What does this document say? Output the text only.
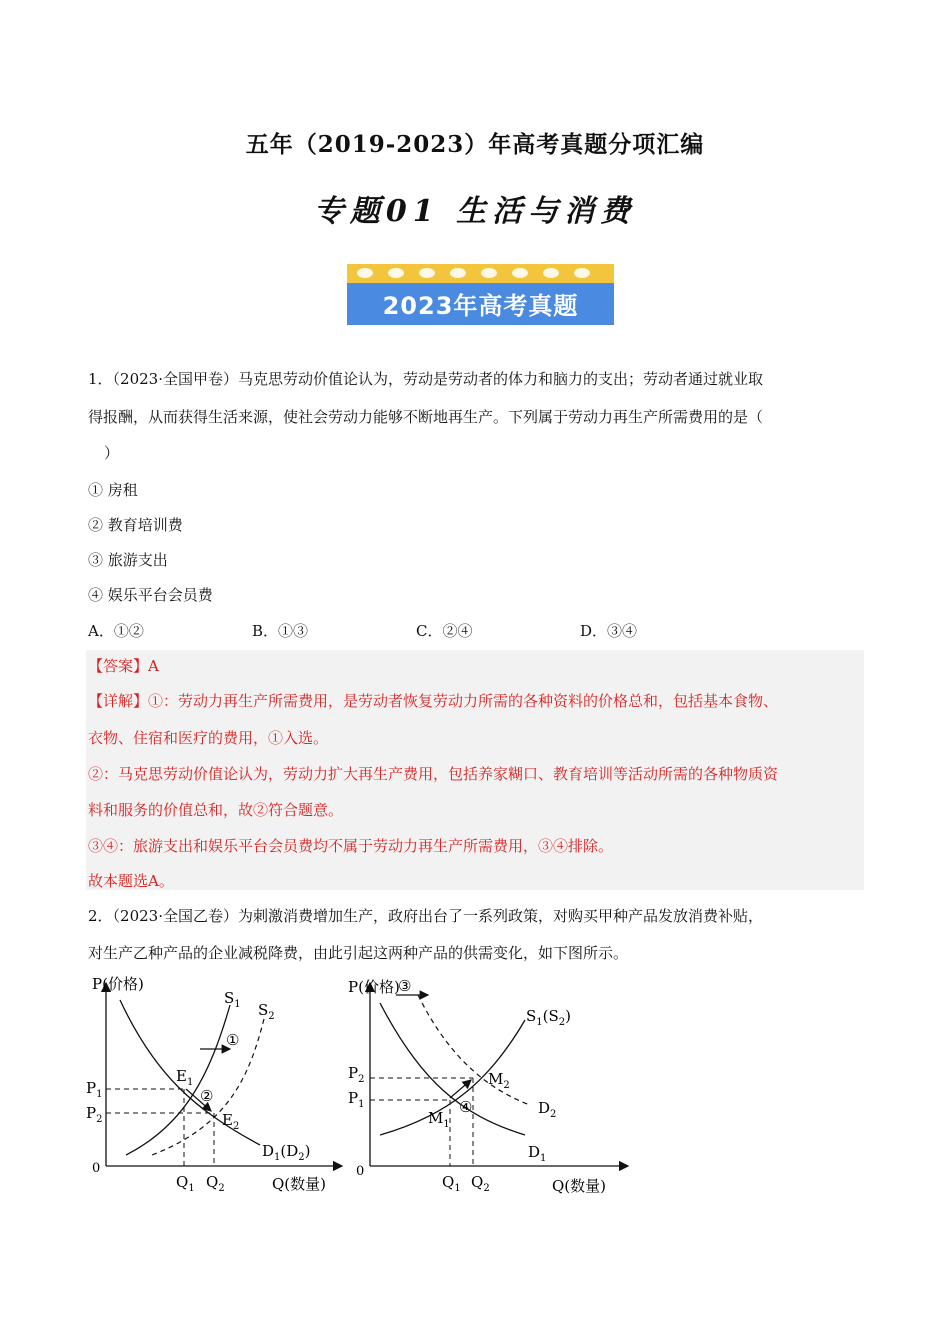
五年（2019-2023）年高考真题分项汇编
专题01 生活与消费
2023年高考真题
1．（2023·全国甲卷）马克思劳动价值论认为，劳动是劳动者的体力和脑力的支出；劳动者通过就业取
得报酬，从而获得生活来源，使社会劳动力能够不断地再生产。下列属于劳动力再生产所需费用的是（
）
① 房租
② 教育培训费
③ 旅游支出
④ 娱乐平台会员费
A．①②	B．①③	C．②④	D．③④
【答案】A
【详解】①：劳动力再生产所需费用，是劳动者恢复劳动力所需的各种资料的价格总和，包括基本食物、
衣物、住宿和医疗的费用，①入选。
②：马克思劳动价值论认为，劳动力扩大再生产费用，包括养家糊口、教育培训等活动所需的各种物质资
料和服务的价值总和，故②符合题意。
③④：旅游支出和娱乐平台会员费均不属于劳动力再生产所需费用，③④排除。
故本题选A。
2．（2023·全国乙卷）为刺激消费增加生产，政府出台了一系列政策，对购买甲种产品发放消费补贴，
对生产乙种产品的企业减税降费，由此引起这两种产品的供需变化，如下图所示。
P(价格)
Q(数量)
0
①
②
$S_1$ $S_2$
$D_1(D_2)$
$E_1$
$E_2$
$P_1$
$P_2$
$Q_1$ $Q_2$
P(价格)
Q(数量)
0
③
④
$S_1(S_2)$
$D_2$
$D_1$
$M_1$
$M_2$
$P_2$
$P_1$
$Q_1$ $Q_2$
